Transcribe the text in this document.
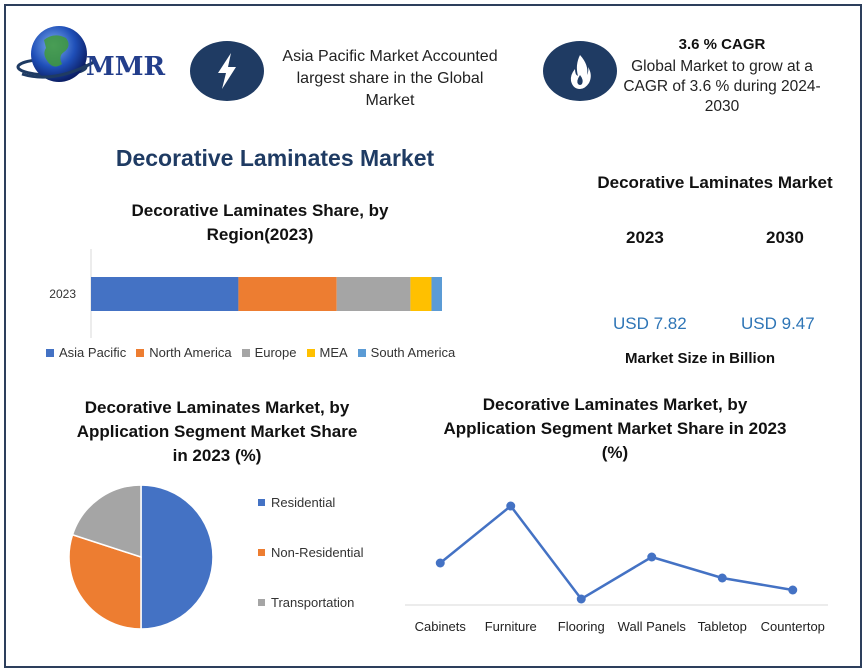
MMR	Asia Pacific Market Accounted
largest share in the Global
Market
3.6 % CAGR
Global Market to grow at a
CAGR of 3.6 % during 2024-
2030
Decorative Laminates Market
Decorative Laminates Share, by
Region(2023)
2023
Asia Pacific North America Europe MEA South America
Decorative Laminates Market
2023	2030
USD 7.82	USD 9.47
Market Size in Billion
Decorative Laminates Market, by
Application Segment Market Share
in 2023 (%)
Residential
Non-Residential
Transportation
Decorative Laminates Market, by
Application Segment Market Share in 2023
(%)
Cabinets Furniture Flooring Wall Panels Tabletop Countertop
